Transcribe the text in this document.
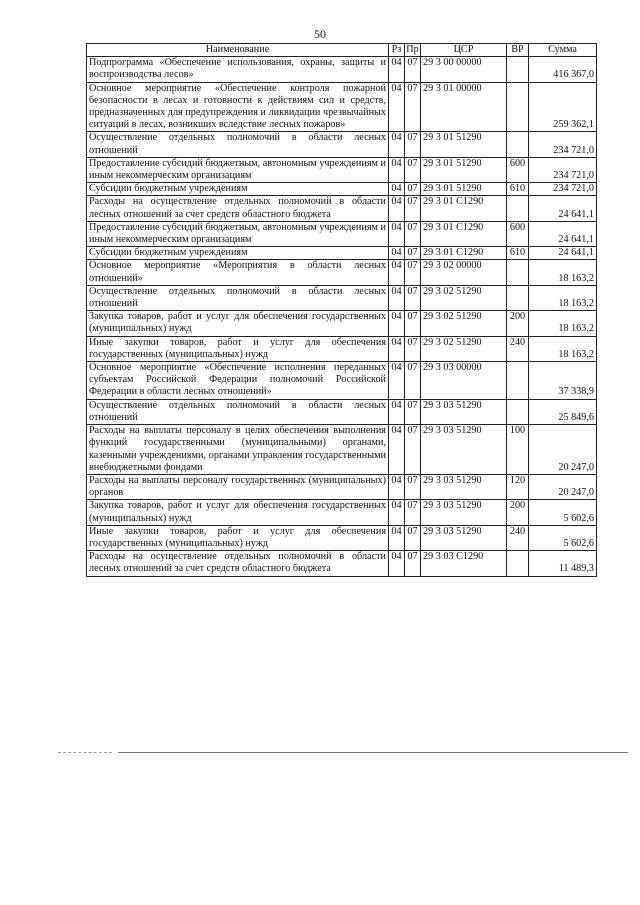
50
Наименование	Рз	Пр	ЦСР	ВР	Сумма
Подпрограмма «Обеспечение использования, охраны, защиты и воспроизводства лесов»	04	07	29 3 00 00000		416 367,0
Основное мероприятие «Обеспечение контроля пожарной безопасности в лесах и готовности к действиям сил и средств, предназначенных для предупреждения и ликвидации чрезвычайных ситуаций в лесах, возникших вследствие лесных пожаров»	04	07	29 3 01 00000		259 362,1
Осуществление отдельных полномочий в области лесных отношений	04	07	29 3 01 51290		234 721,0
Предоставление субсидий бюджетным, автономным учреждениям и иным некоммерческим организациям	04	07	29 3 01 51290	600	234 721,0
Субсидии бюджетным учреждениям	04	07	29 3 01 51290	610	234 721,0
Расходы на осуществление отдельных полномочий в области лесных отношений за счет средств областного бюджета	04	07	29 3 01 С1290		24 641,1
Предоставление субсидий бюджетным, автономным учреждениям и иным некоммерческим организациям	04	07	29 3 01 С1290	600	24 641,1
Субсидии бюджетным учреждениям	04	07	29 3 01 С1290	610	24 641,1
Основное мероприятие «Мероприятия в области лесных отношений»	04	07	29 3 02 00000		18 163,2
Осуществление отдельных полномочий в области лесных отношений	04	07	29 3 02 51290		18 163,2
Закупка товаров, работ и услуг для обеспечения государственных (муниципальных) нужд	04	07	29 3 02 51290	200	18 163,2
Иные закупки товаров, работ и услуг для обеспечения государственных (муниципальных) нужд	04	07	29 3 02 51290	240	18 163,2
Основное мероприятие «Обеспечение исполнения переданных субъектам Российской Федерации полномочий Российской Федерации в области лесных отношений»	04	07	29 3 03 00000		37 338,9
Осуществление отдельных полномочий в области лесных отношений	04	07	29 3 03 51290		25 849,6
Расходы на выплаты персоналу в целях обеспечения выполнения функций государственными (муниципальными) органами, казенными учреждениями, органами управления государственными внебюджетными фондами	04	07	29 3 03 51290	100	20 247,0
Расходы на выплаты персоналу государственных (муниципальных) органов	04	07	29 3 03 51290	120	20 247,0
Закупка товаров, работ и услуг для обеспечения государственных (муниципальных) нужд	04	07	29 3 03 51290	200	5 602,6
Иные закупки товаров, работ и услуг для обеспечения государственных (муниципальных) нужд	04	07	29 3 03 51290	240	5 602,6
Расходы на осуществление отдельных полномочий в области лесных отношений за счет средств областного бюджета	04	07	29 3 03 С1290		11 489,3
